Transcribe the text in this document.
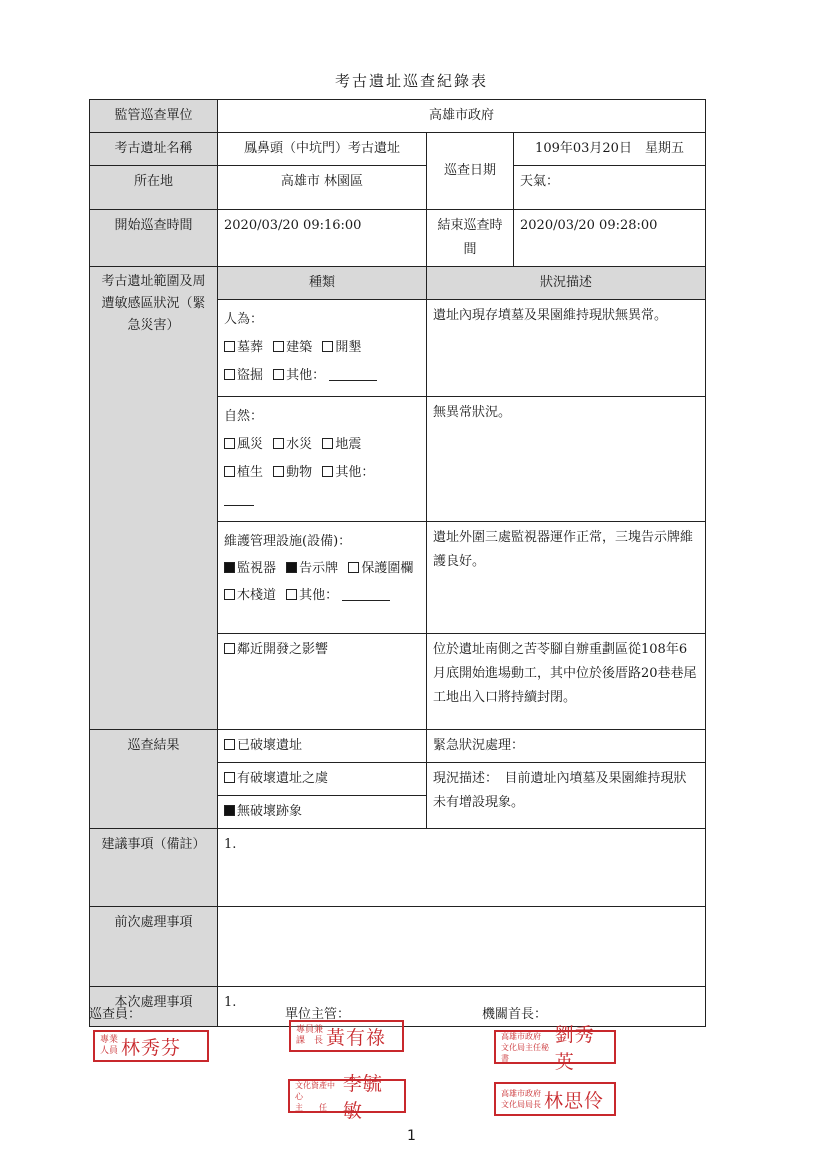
考古遺址巡查紀錄表
監管巡查單位	高雄市政府		
考古遺址名稱	鳳鼻頭（中坑門）考古遺址	巡查日期	109年03月20日　星期五
所在地	高雄市 林園區		天氣：
開始巡查時間	2020/03/20 09:16:00	結束巡查時間	2020/03/20 09:28:00
考古遺址範圍及周遭敏感區狀況（緊急災害）	種類	狀況描述	

	人為：
墓葬 建築 開墾
盜掘 其他：	遺址內現存墳墓及果園維持現狀無異常。	

	自然：
風災 水災 地震
植生 動物 其他：	無異常狀況。	

	維護管理設施(設備)：
監視器 告示牌 保護圍欄
木棧道 其他：	遺址外圍三處監視器運作正常，三塊告示牌維護良好。	
	鄰近開發之影響	位於遺址南側之苦苓腳自辦重劃區從108年6月底開始進場動工，其中位於後厝路20巷巷尾工地出入口將持續封閉。	
巡查結果	已破壞遺址	緊急狀況處理：	
	有破壞遺址之虞	現況描述：　目前遺址內墳墓及果園維持現狀未有增設現象。	
	無破壞跡象		
建議事項（備註）	1.		
前次處理事項			
本次處理事項	1.		
巡查員：	單位主管：	機關首長：
專業
人員 林秀芬
專員兼
課　長 黃有祿	高雄市政府
文化局主任秘書
劉秀英
文化資產中心
主　　任
李毓敏
高雄市政府
文化局局長 林思伶
1
